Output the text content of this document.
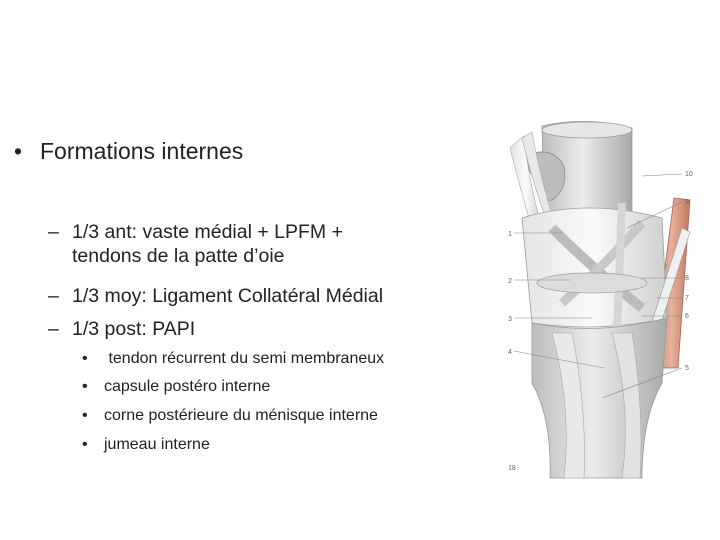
• Formations internes
– 1/3 ant: vaste médial + LPFM +
tendons de la patte d’oie
– 1/3 moy: Ligament Collatéral Médial
– 1/3 post: PAPI
• tendon récurrent du semi membraneux
• capsule postéro interne
• corne postérieure du ménisque interne
• jumeau interne
1
2
3
4
10
9
8
7
6
5
18
